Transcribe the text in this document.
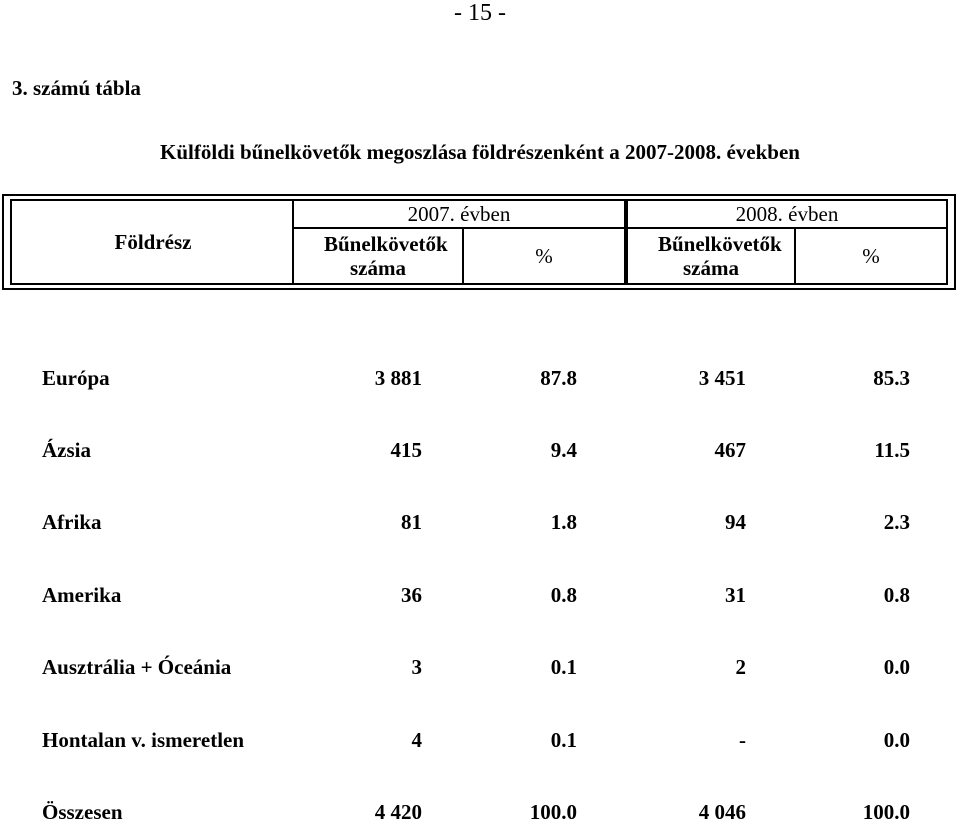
- 15 -
3. számú tábla
Külföldi bűnelkövetők megoszlása földrészenként a 2007-2008. években
Földrész
2007. évben	2008. évben
Bűnelkövetők száma	%	Bűnelkövetők száma	%
Európa	3 881	87.8	3 451	85.3
Ázsia	415	9.4	467	11.5
Afrika	81	1.8	94	2.3
Amerika	36	0.8	31	0.8
Ausztrália + Óceánia	3	0.1	2	0.0
Hontalan v. ismeretlen	4	0.1	-	0.0
Összesen	4 420	100.0	4 046	100.0
